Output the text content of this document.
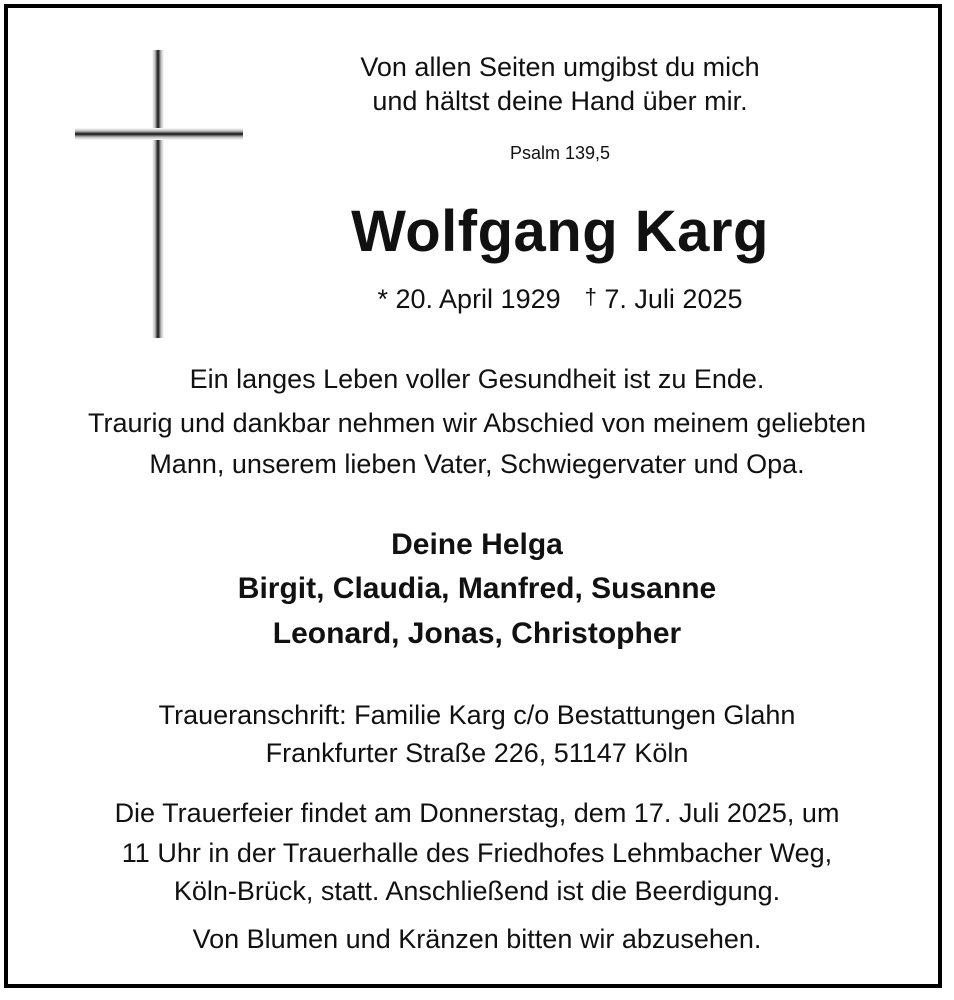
Von allen Seiten umgibst du mich
und hältst deine Hand über mir.
Psalm 139,5
Wolfgang Karg
* 20. April 1929 † 7. Juli 2025
Ein langes Leben voller Gesundheit ist zu Ende.
Traurig und dankbar nehmen wir Abschied von meinem geliebten
Mann, unserem lieben Vater, Schwiegervater und Opa.
Deine Helga
Birgit, Claudia, Manfred, Susanne
Leonard, Jonas, Christopher
Traueranschrift: Familie Karg c/o Bestattungen Glahn
Frankfurter Straße 226, 51147 Köln
Die Trauerfeier findet am Donnerstag, dem 17. Juli 2025, um
11 Uhr in der Trauerhalle des Friedhofes Lehmbacher Weg,
Köln-Brück, statt. Anschließend ist die Beerdigung.
Von Blumen und Kränzen bitten wir abzusehen.
